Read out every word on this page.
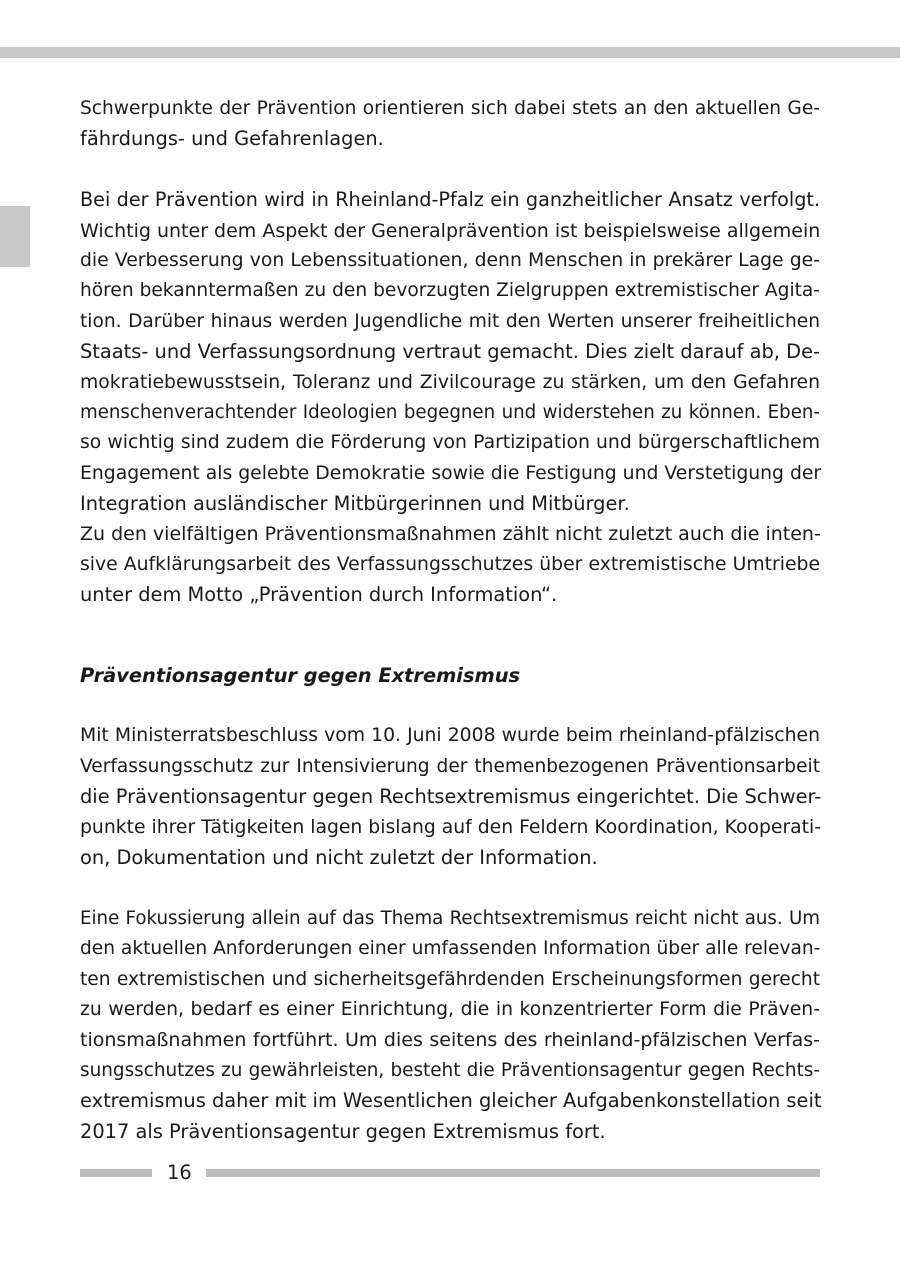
Schwerpunkte der Prävention orientieren sich dabei stets an den aktuellen Ge-
fährdungs- und Gefahrenlagen.

Bei der Prävention wird in Rheinland-Pfalz ein ganzheitlicher Ansatz verfolgt.
Wichtig unter dem Aspekt der Generalprävention ist beispielsweise allgemein
die Verbesserung von Lebenssituationen, denn Menschen in prekärer Lage ge-
hören bekanntermaßen zu den bevorzugten Zielgruppen extremistischer Agita-
tion. Darüber hinaus werden Jugendliche mit den Werten unserer freiheitlichen
Staats- und Verfassungsordnung vertraut gemacht. Dies zielt darauf ab, De-
mokratiebewusstsein, Toleranz und Zivilcourage zu stärken, um den Gefahren
menschenverachtender Ideologien begegnen und widerstehen zu können. Eben-
so wichtig sind zudem die Förderung von Partizipation und bürgerschaftlichem
Engagement als gelebte Demokratie sowie die Festigung und Verstetigung der
Integration ausländischer Mitbürgerinnen und Mitbürger.

Zu den vielfältigen Präventionsmaßnahmen zählt nicht zuletzt auch die inten-
sive Aufklärungsarbeit des Verfassungsschutzes über extremistische Umtriebe
unter dem Motto „Prävention durch Information“.

Präventionsagentur gegen Extremismus

Mit Ministerratsbeschluss vom 10. Juni 2008 wurde beim rheinland-pfälzischen
Verfassungsschutz zur Intensivierung der themenbezogenen Präventionsarbeit
die Präventionsagentur gegen Rechtsextremismus eingerichtet. Die Schwer-
punkte ihrer Tätigkeiten lagen bislang auf den Feldern Koordination, Kooperati-
on, Dokumentation und nicht zuletzt der Information.

Eine Fokussierung allein auf das Thema Rechtsextremismus reicht nicht aus. Um
den aktuellen Anforderungen einer umfassenden Information über alle relevan-
ten extremistischen und sicherheitsgefährdenden Erscheinungsformen gerecht
zu werden, bedarf es einer Einrichtung, die in konzentrierter Form die Präven-
tionsmaßnahmen fortführt. Um dies seitens des rheinland-pfälzischen Verfas-
sungsschutzes zu gewährleisten, besteht die Präventionsagentur gegen Rechts-
extremismus daher mit im Wesentlichen gleicher Aufgabenkonstellation seit
2017 als Präventionsagentur gegen Extremismus fort.

16
